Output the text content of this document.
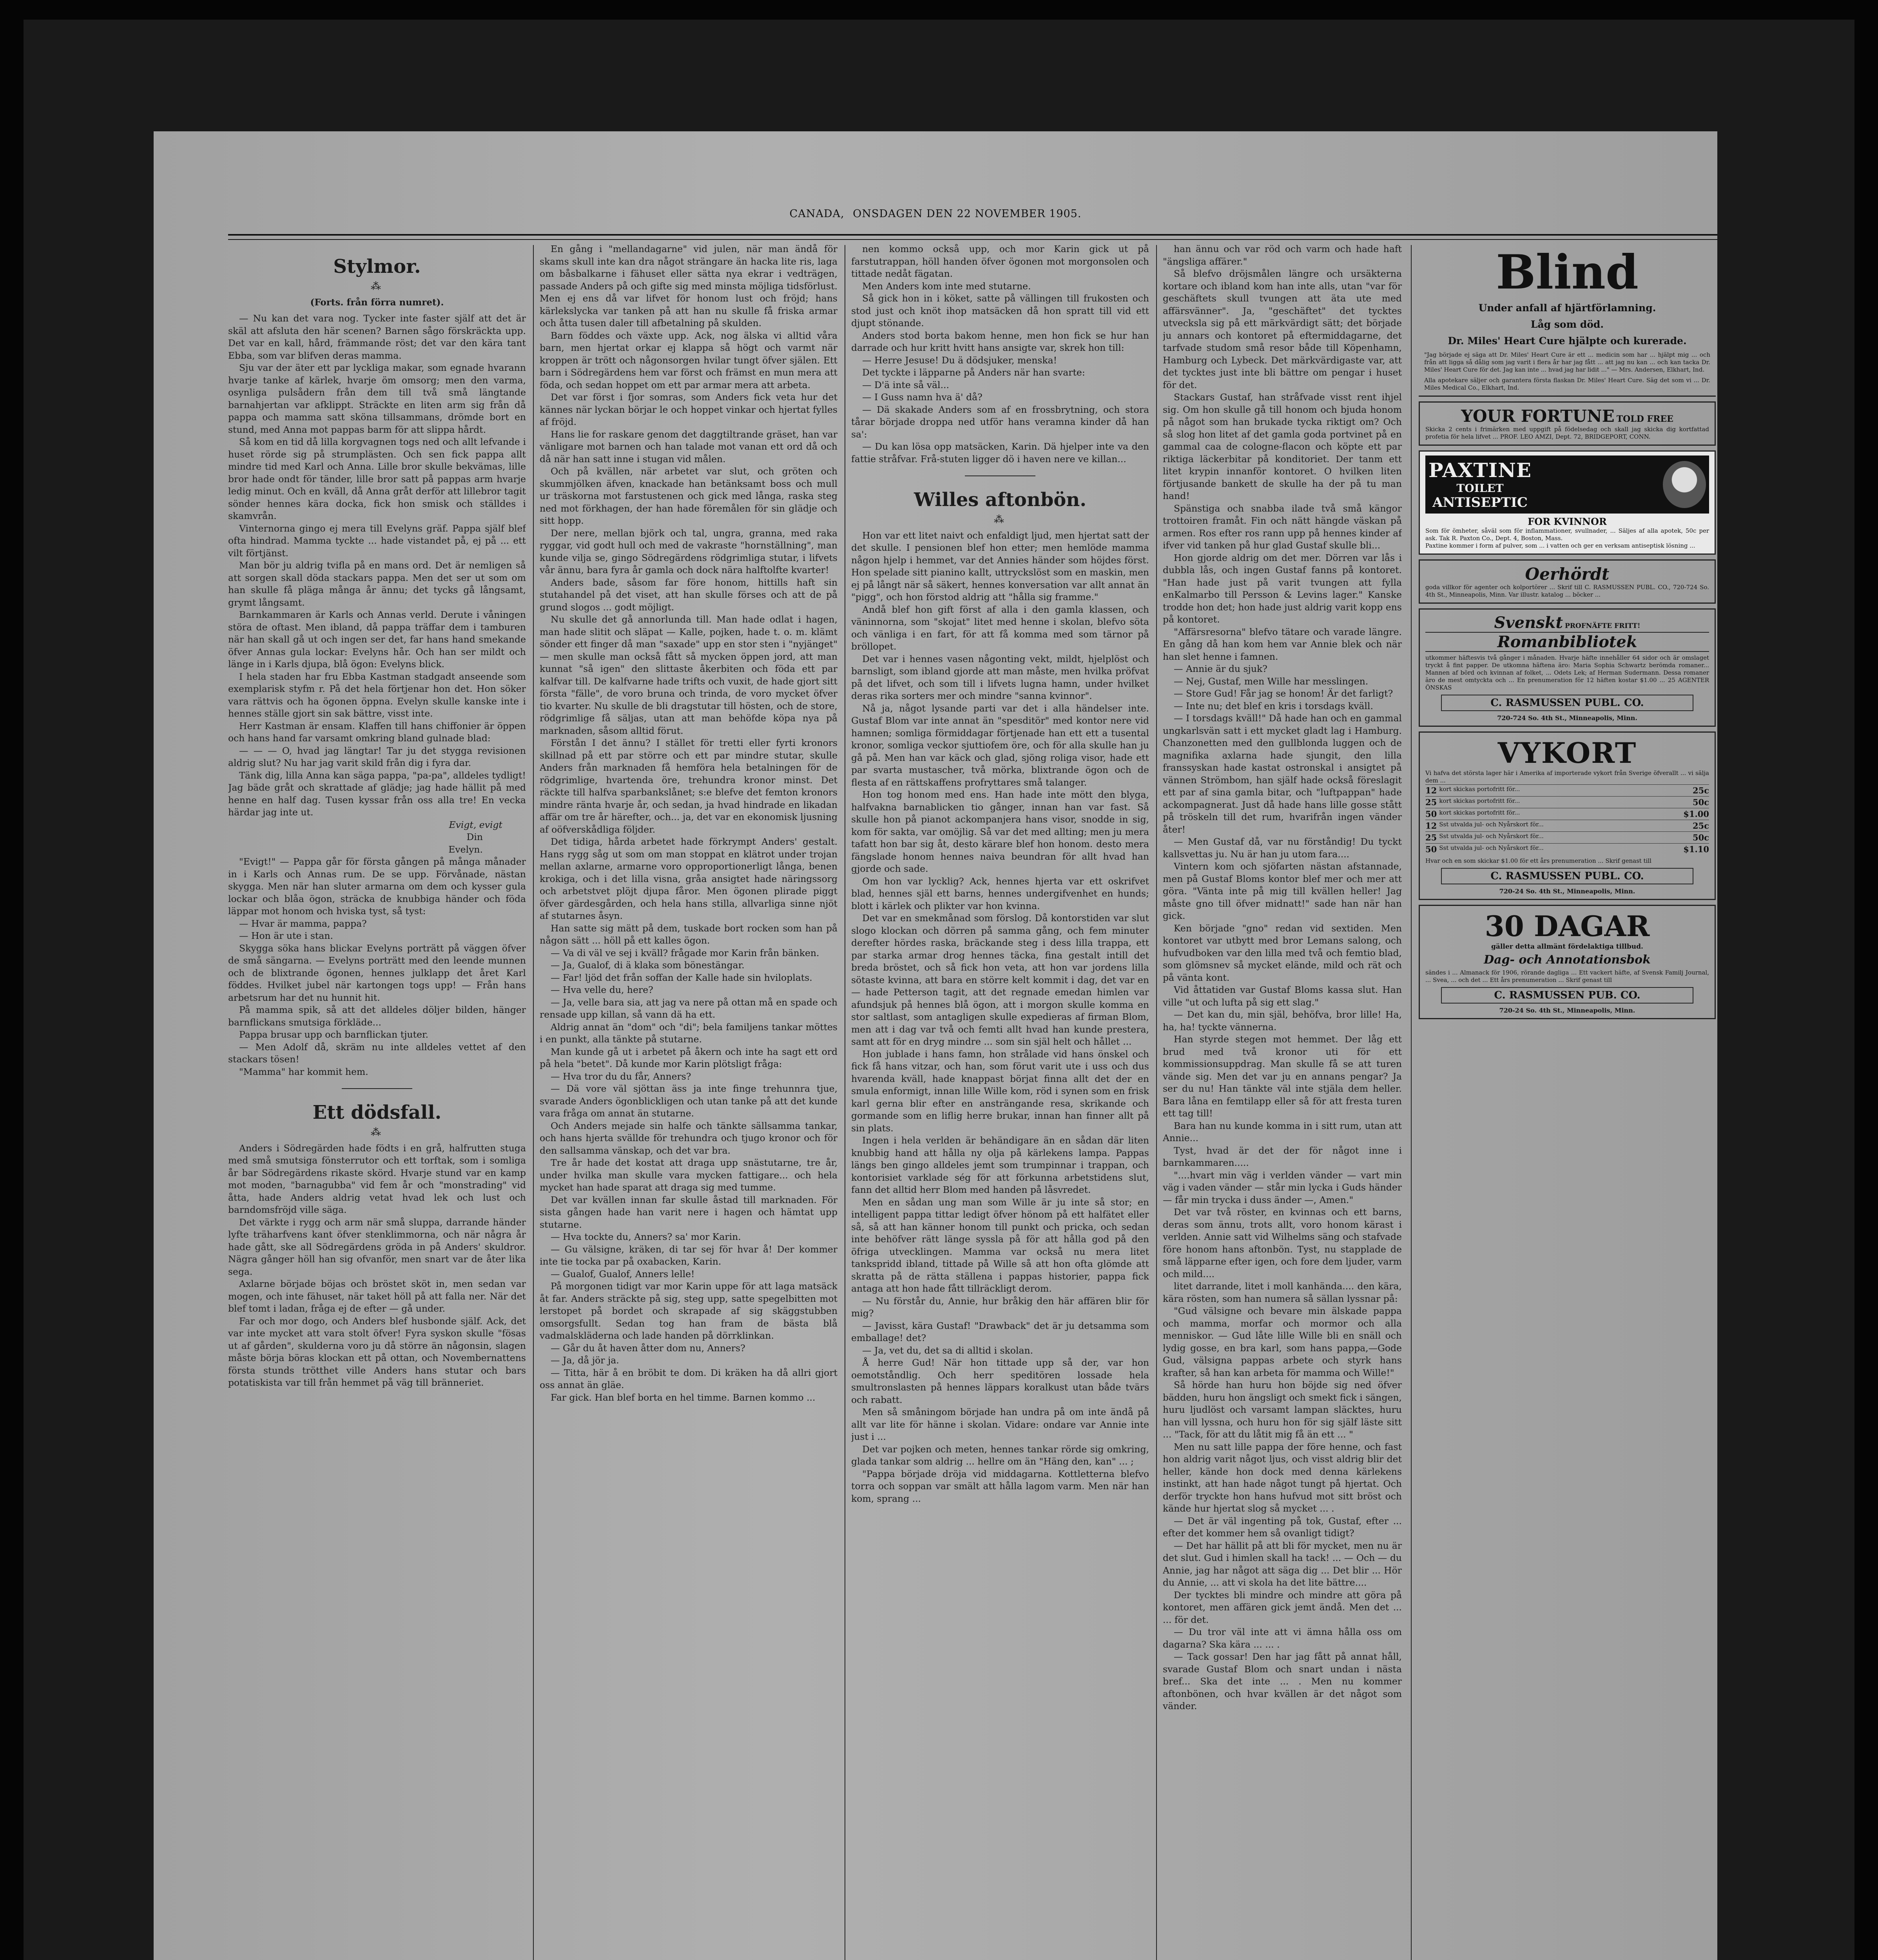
CANADA, ONSDAGEN DEN 22 NOVEMBER 1905.
Stylmor.
⁂
(Forts. från förra numret).

— Nu kan det vara nog. Tycker inte faster själf att det är skäl att afsluta den här scenen? Barnen sågo förskräckta upp. Det var en kall, hård, främmande röst; det var den kära tant Ebba, som var blifven deras mamma.

Sju var der äter ett par lyckliga makar, som egnade hvarann hvarje tanke af kärlek, hvarje öm omsorg; men den varma, osynliga pulsådern från dem till två små längtande barnahjertan var afklippt. Sträckte en liten arm sig från då pappa och mamma satt sköna tillsammans, drömde bort en stund, med Anna mot pappas barm för att slippa hårdt.

Så kom en tid då lilla korgvagnen togs ned och allt lefvande i huset rörde sig på strumplästen. Och sen fick pappa allt mindre tid med Karl och Anna. Lille bror skulle bekvämas, lille bror hade ondt för tänder, lille bror satt på pappas arm hvarje ledig minut. Och en kväll, då Anna gråt derför att lillebror tagit sönder hennes kära docka, fick hon smisk och ställdes i skamvrån.

Vinternorna gingo ej mera till Evelyns gräf. Pappa själf blef ofta hindrad. Mamma tyckte ... hade vistandet på, ej på ... ett vilt förtjänst.

Man bör ju aldrig tvifla på en mans ord. Det är nemligen så att sorgen skall döda stackars pappa. Men det ser ut som om han skulle få pläga många år ännu; det tycks gå långsamt, grymt långsamt.

Barnkammaren är Karls och Annas verld. Derute i våningen störa de oftast. Men ibland, då pappa träffar dem i tamburen när han skall gå ut och ingen ser det, far hans hand smekande öfver Annas gula lockar: Evelyns hår. Och han ser mildt och länge in i Karls djupa, blå ögon: Evelyns blick.

I hela staden har fru Ebba Kastman stadgadt anseende som exemplarisk styfm r. På det hela förtjenar hon det. Hon söker vara rättvis och ha ögonen öppna. Evelyn skulle kanske inte i hennes ställe gjort sin sak bättre, visst inte.

Herr Kastman är ensam. Klaffen till hans chiffonier är öppen och hans hand far varsamt omkring bland gulnade blad:

— — — O, hvad jag längtar! Tar ju det stygga revisionen aldrig slut? Nu har jag varit skild från dig i fyra dar.

Tänk dig, lilla Anna kan säga pappa, "pa-pa", alldeles tydligt! Jag bäde gråt och skrattade af glädje; jag hade hällit på med henne en half dag. Tusen kyssar från oss alla tre! En vecka härdar jag inte ut.

Evigt, evigt
Din
Evelyn.

"Evigt!" — Pappa går för första gången på många månader in i Karls och Annas rum. De se upp. Förvånade, nästan skygga. Men när han sluter armarna om dem och kysser gula lockar och blåa ögon, sträcka de knubbiga händer och föda läppar mot honom och hviska tyst, så tyst:

— Hvar är mamma, pappa?

— Hon är ute i stan.

Skygga söka hans blickar Evelyns porträtt på väggen öfver de små sängarna. — Evelyns porträtt med den leende munnen och de blixtrande ögonen, hennes julklapp det året Karl föddes. Hvilket jubel när kartongen togs upp! — Från hans arbetsrum har det nu hunnit hit.

På mamma spik, så att det alldeles döljer bilden, hänger barnflickans smutsiga förkläde...

Pappa brusar upp och barnflickan tjuter.

— Men Adolf då, skräm nu inte alldeles vettet af den stackars tösen!

"Mamma" har kommit hem.

Ett dödsfall.
⁂

Anders i Södregärden hade födts i en grå, halfrutten stuga med små smutsiga fönsterrutor och ett torftak, som i somliga år bar Södregärdens rikaste skörd. Hvarje stund var en kamp mot moden, "barnagubba" vid fem år och "monstrading" vid åtta, hade Anders aldrig vetat hvad lek och lust och barndomsfröjd ville säga.

Det värkte i rygg och arm när små sluppa, darrande händer lyfte träharfvens kant öfver stenklimmorna, och när några år hade gått, ske all Södregärdens gröda in på Anders' skuldror. Nägra gånger höll han sig ofvanför, men snart var de åter lika sega.

Axlarne började böjas och bröstet sköt in, men sedan var mogen, och inte fähuset, när taket höll på att falla ner. När det blef tomt i ladan, fråga ej de efter — gå under.

Far och mor dogo, och Anders blef husbonde själf. Ack, det var inte mycket att vara stolt öfver! Fyra syskon skulle "fösas ut af gården", skulderna voro ju då större än någonsin, slagen måste börja böras klockan ett på ottan, och Novembernattens första stunds trötthet ville Anders hans stutar och bars potatiskista var till från hemmet på väg till bränneriet.

En gång i "mellandagarne" vid julen, när man ändå för skams skull inte kan dra något strängare än hacka lite ris, laga om båsbalkarne i fähuset eller sätta nya ekrar i vedträgen, passade Anders på och gifte sig med minsta möjliga tidsförlust. Men ej ens då var lifvet för honom lust och fröjd; hans kärlekslycka var tanken på att han nu skulle få friska armar och åtta tusen daler till afbetalning på skulden.

Barn föddes och växte upp. Ack, nog älska vi alltid våra barn, men hjertat orkar ej klappa så högt och varmt när kroppen är trött och någonsorgen hvilar tungt öfver själen. Ett barn i Södregärdens hem var först och främst en mun mera att föda, och sedan hoppet om ett par armar mera att arbeta.

Det var först i fjor somras, som Anders fick veta hur det kännes när lyckan börjar le och hoppet vinkar och hjertat fylles af fröjd.

Hans lie for raskare genom det daggtiltrande gräset, han var vänligare mot barnen och han talade mot vanan ett ord då och då när han satt inne i stugan vid målen.

Och på kvällen, när arbetet var slut, och gröten och skummjölken äfven, knackade han betänksamt boss och mull ur träskorna mot farstustenen och gick med långa, raska steg ned mot förkhagen, der han hade föremålen för sin glädje och sitt hopp.

Der nere, mellan björk och tal, ungra, granna, med raka ryggar, vid godt hull och med de vakraste "hornställning", man kunde vilja se, gingo Södregärdens rödgrimliga stutar, i lifvets vår ännu, bara fyra år gamla och dock nära halftolfte kvarter!

Anders bade, såsom far före honom, hittills haft sin stutahandel på det viset, att han skulle förses och att de på grund slogos ... godt möjligt.

Nu skulle det gå annorlunda till. Man hade odlat i hagen, man hade slitit och släpat — Kalle, pojken, hade t. o. m. klämt sönder ett finger då man "saxade" upp en stor sten i "nyjänget" — men skulle man också fått så mycken öppen jord, att man kunnat "så igen" den slittaste åkerbiten och föda ett par kalfvar till. De kalfvarne hade trifts och vuxit, de hade gjort sitt första "fälle", de voro bruna och trinda, de voro mycket öfver tio kvarter. Nu skulle de bli dragstutar till hösten, och de store, rödgrimlige få säljas, utan att man behöfde köpa nya på marknaden, såsom alltid förut.

Förstån I det ännu? I stället för tretti eller fyrti kronors skillnad på ett par större och ett par mindre stutar, skulle Anders från marknaden få hemföra hela betalningen för de rödgrimlige, hvartenda öre, trehundra kronor minst. Det räckte till halfva sparbankslånet; s:e blefve det femton kronors mindre ränta hvarje år, och sedan, ja hvad hindrade en likadan affär om tre år härefter, och... ja, det var en ekonomisk ljusning af oöfverskådliga följder.

Det tidiga, hårda arbetet hade förkrympt Anders' gestalt. Hans rygg såg ut som om man stoppat en klätrot under trojan mellan axlarne, armarne voro opproportionerligt långa, benen krokiga, och i det lilla visna, gråa ansigtet hade näringssorg och arbetstvet plöjt djupa fåror. Men ögonen plirade piggt öfver gärdesgården, och hela hans stilla, allvarliga sinne njöt af stutarnes åsyn.

Han satte sig mätt på dem, tuskade bort rocken som han på någon sätt ... höll på ett kalles ögon.

— Va di väl ve sej i kväll? frågade mor Karin från bänken.

— Ja, Gualof, di ä klaka som bönestängar.

— Far! ljöd det från soffan der Kalle hade sin hviloplats.

— Hva velle du, here?

— Ja, velle bara sia, att jag va nere på ottan må en spade och rensade upp killan, så vann dä ha ett.

Aldrig annat än "dom" och "di"; bela familjens tankar möttes i en punkt, alla tänkte på stutarne.

Man kunde gå ut i arbetet på åkern och inte ha sagt ett ord på hela "betet". Då kunde mor Karin plötsligt fråga:

— Hva tror du du får, Anners?

— Dä vore väl sjöttan äss ja inte finge trehunnra tjue, svarade Anders ögonblickligen och utan tanke på att det kunde vara fråga om annat än stutarne.

Och Anders mejade sin halfe och tänkte sällsamma tankar, och hans hjerta svällde för trehundra och tjugo kronor och för den sallsamma vänskap, och det var bra.

Tre år hade det kostat att draga upp snästutarne, tre år, under hvilka man skulle vara mycken fattigare... och hela mycket han hade sparat att draga sig med tumme.

Det var kvällen innan far skulle åstad till marknaden. För sista gången hade han varit nere i hagen och hämtat upp stutarne.

— Hva tockte du, Anners? sa' mor Karin.

— Gu välsigne, kräken, di tar sej för hvar å! Der kommer inte tie tocka par på oxabacken, Karin.

— Gualof, Gualof, Anners lelle!

På morgonen tidigt var mor Karin uppe för att laga matsäck åt far. Anders sträckte på sig, steg upp, satte spegelbitten mot lerstopet på bordet och skrapade af sig skäggstubben omsorgsfullt. Sedan tog han fram de bästa blå vadmalskläderna och lade handen på dörrklinkan.

— Går du åt haven åtter dom nu, Anners?

— Ja, då jör ja.

— Titta, här å en bröbit te dom. Di kräken ha då allri gjort oss annat än gläe.

Far gick. Han blef borta en hel timme. Barnen kommo ...

nen kommo också upp, och mor Karin gick ut på farstutrappan, höll handen öfver ögonen mot morgonsolen och tittade nedåt fägatan.

Men Anders kom inte med stutarne.

Så gick hon in i köket, satte på vällingen till frukosten och stod just och knöt ihop matsäcken då hon spratt till vid ett djupt stönande.

Anders stod borta bakom henne, men hon fick se hur han darrade och hur kritt hvitt hans ansigte var, skrek hon till:

— Herre Jesuse! Du ä dödsjuker, menska!

Det tyckte i läpparne på Anders när han svarte:

— D'ä inte så väl...

— I Guss namn hva ä' då?

— Dä skakade Anders som af en frossbrytning, och stora tårar började droppa ned utför hans veramna kinder då han sa':

— Du kan lösa opp matsäcken, Karin. Dä hjelper inte va den fattie stråfvar. Frå-stuten ligger dö i haven nere ve killan...

Willes aftonbön.
⁂

Hon var ett litet naivt och enfaldigt ljud, men hjertat satt der det skulle. I pensionen blef hon etter; men hemlöde mamma någon hjelp i hemmet, var det Annies händer som höjdes först. Hon spelade sitt pianino kallt, uttryckslöst som en maskin, men ej på långt när så säkert, hennes konversation var allt annat än "pigg", och hon förstod aldrig att "hålla sig framme."

Andå blef hon gift först af alla i den gamla klassen, och väninnorna, som "skojat" litet med henne i skolan, blefvo söta och vänliga i en fart, för att få komma med som tärnor på bröllopet.

Det var i hennes vasen någonting vekt, mildt, hjelplöst och barnsligt, som ibland gjorde att man måste, men hvilka pröfvat på det lifvet, och som till i lifvets lugna hamn, under hvilket deras rika sorters mer och mindre "sanna kvinnor".

Nå ja, något lysande parti var det i alla händelser inte. Gustaf Blom var inte annat än "spesditör" med kontor nere vid hamnen; somliga förmiddagar förtjenade han ett ett a tusental kronor, somliga veckor sjuttiofem öre, och för alla skulle han ju gå på. Men han var käck och glad, sjöng roliga visor, hade ett par svarta mustascher, två mörka, blixtrande ögon och de flesta af en rättskaffens profryttares små talanger.

Hon tog honom med ens. Han hade inte mött den blyga, halfvakna barnablicken tio gånger, innan han var fast. Så skulle hon på pianot ackompanjera hans visor, snodde in sig, kom för sakta, var omöjlig. Så var det med allting; men ju mera tafatt hon bar sig åt, desto kärare blef hon honom. desto mera fängslade honom hennes naiva beundran för allt hvad han gjorde och sade.

Om hon var lycklig? Ack, hennes hjerta var ett oskrifvet blad, hennes själ ett barns, hennes undergifvenhet en hunds; blott i kärlek och plikter var hon kvinna.

Det var en smekmånad som förslog. Då kontorstiden var slut slogo klockan och dörren på samma gång, och fem minuter derefter hördes raska, bräckande steg i dess lilla trappa, ett par starka armar drog hennes täcka, fina gestalt intill det breda bröstet, och så fick hon veta, att hon var jordens lilla sötaste kvinna, att bara en större kelt kommit i dag, det var en — hade Petterson tagit, att det regnade emedan himlen var afundsjuk på hennes blå ögon, att i morgon skulle komma en stor saltlast, som antagligen skulle expedieras af firman Blom, men att i dag var två och femti allt hvad han kunde prestera, samt att för en dryg mindre ... som sin själ helt och hållet ...

Hon jublade i hans famn, hon strålade vid hans önskel och fick få hans vitzar, och han, som förut varit ute i uss och dus hvarenda kväll, hade knappast börjat finna allt det der en smula enformigt, innan lille Wille kom, röd i synen som en frisk karl gerna blir efter en ansträngande resa, skrikande och gormande som en liflig herre brukar, innan han finner allt på sin plats.

Ingen i hela verlden är behändigare än en sådan där liten knubbig hand att hålla ny olja på kärlekens lampa. Pappas längs ben gingo alldeles jemt som trumpinnar i trappan, och kontorisiet varklade ség för att förkunna arbetstidens slut, fann det alltid herr Blom med handen på låsvredet.

Men en sådan ung man som Wille är ju inte så stor; en intelligent pappa tittar ledigt öfver hönom på ett halfätet eller så, så att han känner honom till punkt och pricka, och sedan inte behöfver rätt länge syssla på för att hålla god på den öfriga utvecklingen. Mamma var också nu mera litet tankspridd ibland, tittade på Wille så att hon ofta glömde att skratta på de rätta ställena i pappas historier, pappa fick antaga att hon hade fått tillräckligt derom.

— Nu förstår du, Annie, hur bråkig den här affären blir för mig?

— Javisst, kära Gustaf! "Drawback" det är ju detsamma som emballage! det?

— Ja, vet du, det sa di alltid i skolan.

Å herre Gud! När hon tittade upp så der, var hon oemotståndlig. Och herr speditören lossade hela smultronslasten på hennes läppars koralkust utan både tvärs och rabatt.

Men så småningom började han undra på om inte ändå på allt var lite för hänne i skolan. Vidare: ondare var Annie inte just i ...

Det var pojken och meten, hennes tankar rörde sig omkring, glada tankar som aldrig ... hellre om än "Häng den, kan" ... ;

"Pappa började dröja vid middagarna. Kottletterna blefvo torra och soppan var smält att hålla lagom varm. Men när han kom, sprang ...

han ännu och var röd och varm och hade haft "ängsliga affärer."

Så blefvo dröjsmålen längre och ursäkterna kortare och ibland kom han inte alls, utan "var för geschäftets skull tvungen att äta ute med affärsvänner". Ja, "geschäftet" det tycktes utvecksla sig på ett märkvärdigt sätt; det började ju annars och kontoret på eftermiddagarne, det tarfvade studom små resor både till Köpenhamn, Hamburg och Lybeck. Det märkvärdigaste var, att det tycktes just inte bli bättre om pengar i huset för det.

Stackars Gustaf, han stråfvade visst rent ihjel sig. Om hon skulle gå till honom och bjuda honom på något som han brukade tycka riktigt om? Och så slog hon litet af det gamla goda portvinet på en gammal caa de cologne-flacon och köpte ett par riktiga läckerbitar på konditoriet. Der tanm ett litet krypin innanför kontoret. O hvilken liten förtjusande bankett de skulle ha der på tu man hand!

Spänstiga och snabba ilade två små kängor trottoiren framåt. Fin och nätt hängde väskan på armen. Ros efter ros rann upp på hennes kinder af ifver vid tanken på hur glad Gustaf skulle bli...

Hon gjorde aldrig om det mer. Dörren var lås i dubbla lås, och ingen Gustaf fanns på kontoret. "Han hade just på varit tvungen att fylla enKalmarbo till Persson & Levins lager." Kanske trodde hon det; hon hade just aldrig varit kopp ens på kontoret.

"Affärsresorna" blefvo tätare och varade längre. En gång då han kom hem var Annie blek och när han slet henne i famnen.

— Annie är du sjuk?

— Nej, Gustaf, men Wille har messlingen.

— Store Gud! Får jag se honom! Är det farligt?

— Inte nu; det blef en kris i torsdags kväll.

— I torsdags kväll!" Då hade han och en gammal ungkarlsvän satt i ett mycket gladt lag i Hamburg. Chanzonetten med den gullblonda luggen och de magnifika axlarna hade sjungit, den lilla franssyskan hade kastat ostronskal i ansigtet på vännen Strömbom, han själf hade också föreslagit ett par af sina gamla bitar, och "luftpappan" hade ackompagnerat. Just då hade hans lille gosse stått på tröskeln till det rum, hvarifrån ingen vänder åter!

— Men Gustaf då, var nu förståndig! Du tyckt kallsvettas ju. Nu är han ju utom fara....

Vintern kom och sjöfarten nästan afstannade, men på Gustaf Bloms kontor blef mer och mer att göra. "Vänta inte på mig till kvällen heller! Jag måste gno till öfver midnatt!" sade han när han gick.

Ken började "gno" redan vid sextiden. Men kontoret var utbytt med bror Lemans salong, och hufvudboken var den lilla med två och femtio blad, som glömsnev så mycket elände, mild och rät och på vänta kont.

Vid åttatiden var Gustaf Bloms kassa slut. Han ville "ut och lufta på sig ett slag."

— Det kan du, min själ, behöfva, bror lille! Ha, ha, ha! tyckte vännerna.

Han styrde stegen mot hemmet. Der låg ett brud med två kronor uti för ett kommissionsuppdrag. Man skulle få se att turen vände sig. Men det var ju en annans pengar? Ja ser du nu! Han tänkte väl inte stjäla dem heller. Bara låna en femtilapp eller så för att fresta turen ett tag till!

Bara han nu kunde komma in i sitt rum, utan att Annie...

Tyst, hvad är det der för något inne i barnkammaren.....

"....hvart min väg i verlden vänder — vart min väg i vaden vänder — står min lycka i Guds händer — får min trycka i duss änder —, Amen."

Det var två röster, en kvinnas och ett barns, deras som ännu, trots allt, voro honom kärast i verlden. Annie satt vid Wilhelms säng och stafvade före honom hans aftonbön. Tyst, nu stapplade de små läpparne efter igen, och fore dem ljuder, varm och mild....

litet darrande, litet i moll kanhända.... den kära, kära rösten, som han numera så sällan lyssnar på:

"Gud välsigne och bevare min älskade pappa och mamma, morfar och mormor och alla menniskor. — Gud låte lille Wille bli en snäll och lydig gosse, en bra karl, som hans pappa,—Gode Gud, välsigna pappas arbete och styrk hans krafter, så han kan arbeta för mamma och Wille!"

Så hörde han huru hon böjde sig ned öfver bädden, huru hon ängsligt och smekt fick i sängen, huru ljudlöst och varsamt lampan släcktes, huru han vill lyssna, och huru hon för sig själf läste sitt ... "Tack, för att du låtit mig få än ett ... "

Men nu satt lille pappa der före henne, och fast hon aldrig varit något ljus, och visst aldrig blir det heller, kände hon dock med denna kärlekens instinkt, att han hade något tungt på hjertat. Och derför tryckte hon hans hufvud mot sitt bröst och kände hur hjertat slog så mycket ... .

— Det är väl ingenting på tok, Gustaf, efter ... efter det kommer hem så ovanligt tidigt?

— Det har hällit på att bli för mycket, men nu är det slut. Gud i himlen skall ha tack! ... — Och — du Annie, jag har något att säga dig ... Det blir ... Hör du Annie, ... att vi skola ha det lite bättre....

Der tycktes bli mindre och mindre att göra på kontoret, men affären gick jemt ändå. Men det ... ... för det.

— Du tror väl inte att vi ämna hålla oss om dagarna? Ska kära ... ... .

— Tack gossar! Den har jag fått på annat håll, svarade Gustaf Blom och snart undan i nästa bref... Ska det inte ... . Men nu kommer aftonbönen, och hvar kvällen är det något som vänder.

Blind
Under anfall af hjärtförlamning.
Låg som död.
Dr. Miles' Heart Cure hjälpte och kurerade.
"Jag började ej säga att Dr. Miles' Heart Cure är ett ... medicin som har ... hjälpt mig ... och från att ligga så dålig som jag varit i flera år har jag fått ... att jag nu kan ... och kan tacka Dr. Miles' Heart Cure för det. Jag kan inte ... hvad jag har lidit ..." — Mrs. Andersen, Elkhart, Ind.
Alla apotekare säljer och garantera första flaskan Dr. Miles' Heart Cure. Säg det som vi ... Dr. Miles Medical Co., Elkhart, Ind.
YOUR FORTUNE TOLD FREE
Skicka 2 cents i frimärken med uppgift på födelsedag och skall jag skicka dig kortfattad profetia för hela lifvet ... PROF. LEO AMZI, Dept. 72, BRIDGEPORT, CONN.
PAXTINE
TOILET
ANTISEPTIC
FOR KVINNOR
Som för ömheter, såväl som för inflammationer, svullnader, ... Säljes af alla apotek, 50c per ask. Tak R. Paxton Co., Dept. 4, Boston, Mass.
Paxtine kommer i form af pulver, som ... i vatten och ger en verksam antiseptisk lösning ...
Oerhördt
goda villkor för agenter och kolportörer ... Skrif till C. RASMUSSEN PUBL. CO., 720-724 So. 4th St., Minneapolis, Minn. Var illustr. katalog ... böcker ...
Svenskt PROFNÄFTE FRITT!
Romanbibliotek
utkommer häftesvis två gånger i månaden. Hvarje häfte innehåller 64 sidor och är omslaget tryckt å fint papper. De utkomna häftena äro: Maria Sophia Schwartz berömda romaner... Mannen af börd och kvinnan af folket, ... Odets Lek; af Herman Sudermann. Dessa romaner äro de mest omtyckta och ... En prenumeration för 12 häften kostar $1.00 ... 25 AGENTER ÖNSKAS
C. RASMUSSEN PUBL. CO.
720-724 So. 4th St., Minneapolis, Minn.
VYKORT
Vi hafva det största lager här i Amerika af importerade vykort från Sverige öfverallt ... vi sälja dem ...
12 kort skickas portofritt för...	25c
25 kort skickas portofritt för...	50c
50 kort skickas portofritt för...	$1.00
12 Sst utvalda jul- och Nyårskort för...	25c
25 Sst utvalda jul- och Nyårskort för...	50c
50 Sst utvalda jul- och Nyårskort för...	$1.10
Hvar och en som skickar $1.00 för ett års prenumeration ... Skrif genast till
C. RASMUSSEN PUBL. CO.
720-24 So. 4th St., Minneapolis, Minn.
30 DAGAR
gäller detta allmänt fördelaktiga tillbud.
Dag- och Annotationsbok
sändes i ... Almanack för 1906, rörande dagliga ... Ett vackert häfte, af Svensk Familj Journal, ... Svea, ... och det ... Ett års prenumeration ... Skrif genast till
C. RASMUSSEN PUB. CO.
720-24 So. 4th St., Minneapolis, Minn.
